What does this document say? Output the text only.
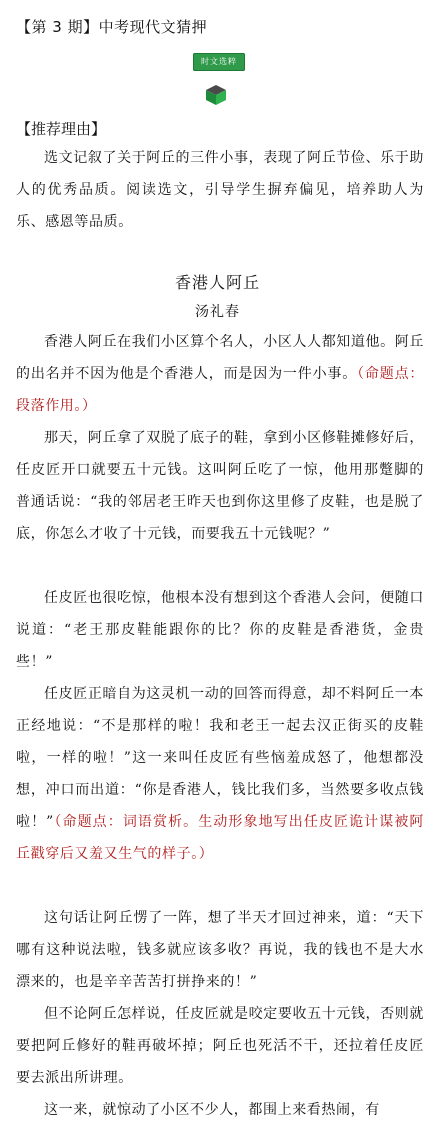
【第 3 期】中考现代文猜押
时文选粹
【推荐理由】

选文记叙了关于阿丘的三件小事，表现了阿丘节俭、乐于助人的优秀品质。阅读选文，引导学生摒弃偏见，培养助人为乐、感恩等品质。

香港人阿丘
汤礼春

香港人阿丘在我们小区算个名人，小区人人都知道他。阿丘的出名并不因为他是个香港人，而是因为一件小事。（命题点：段落作用。）

那天，阿丘拿了双脱了底子的鞋，拿到小区修鞋摊修好后，任皮匠开口就要五十元钱。这叫阿丘吃了一惊，他用那蹩脚的普通话说：“我的邻居老王昨天也到你这里修了皮鞋，也是脱了底，你怎么才收了十元钱，而要我五十元钱呢？”

任皮匠也很吃惊，他根本没有想到这个香港人会问，便随口说道：“老王那皮鞋能跟你的比？你的皮鞋是香港货，金贵些！”

任皮匠正暗自为这灵机一动的回答而得意，却不料阿丘一本正经地说：“不是那样的啦！我和老王一起去汉正街买的皮鞋啦，一样的啦！”这一来叫任皮匠有些恼羞成怒了，他想都没想，冲口而出道：“你是香港人，钱比我们多，当然要多收点钱啦！”（命题点：词语赏析。生动形象地写出任皮匠诡计谋被阿丘戳穿后又羞又生气的样子。）

这句话让阿丘愣了一阵，想了半天才回过神来，道：“天下哪有这种说法啦，钱多就应该多收？再说，我的钱也不是大水漂来的，也是辛辛苦苦打拼挣来的！”

但不论阿丘怎样说，任皮匠就是咬定要收五十元钱，否则就要把阿丘修好的鞋再破坏掉；阿丘也死活不干，还拉着任皮匠要去派出所讲理。

这一来，就惊动了小区不少人，都围上来看热闹，有
